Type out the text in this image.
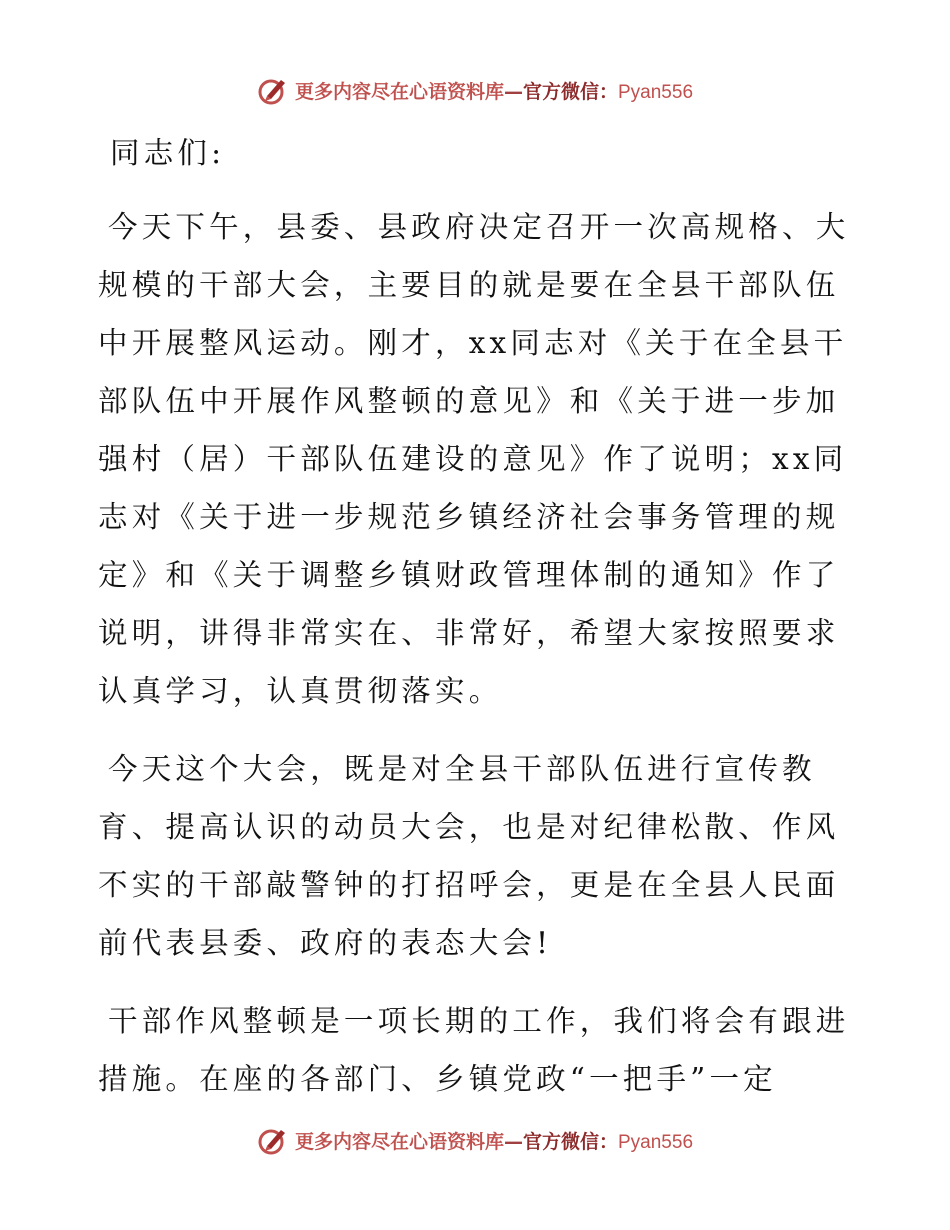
更多内容尽在心语资料库—官方微信：Pyan556

同志们:

今天下午，县委、县政府决定召开一次高规格、大规模的干部大会，主要目的就是要在全县干部队伍中开展整风运动。刚才，xx同志对《关于在全县干部队伍中开展作风整顿的意见》和《关于进一步加强村（居）干部队伍建设的意见》作了说明；xx同志对《关于进一步规范乡镇经济社会事务管理的规定》和《关于调整乡镇财政管理体制的通知》作了说明，讲得非常实在、非常好，希望大家按照要求认真学习，认真贯彻落实。

今天这个大会，既是对全县干部队伍进行宣传教育、提高认识的动员大会，也是对纪律松散、作风不实的干部敲警钟的打招呼会，更是在全县人民面前代表县委、政府的表态大会!

干部作风整顿是一项长期的工作，我们将会有跟进措施。在座的各部门、乡镇党政“一把手”一定

更多内容尽在心语资料库—官方微信：Pyan556
